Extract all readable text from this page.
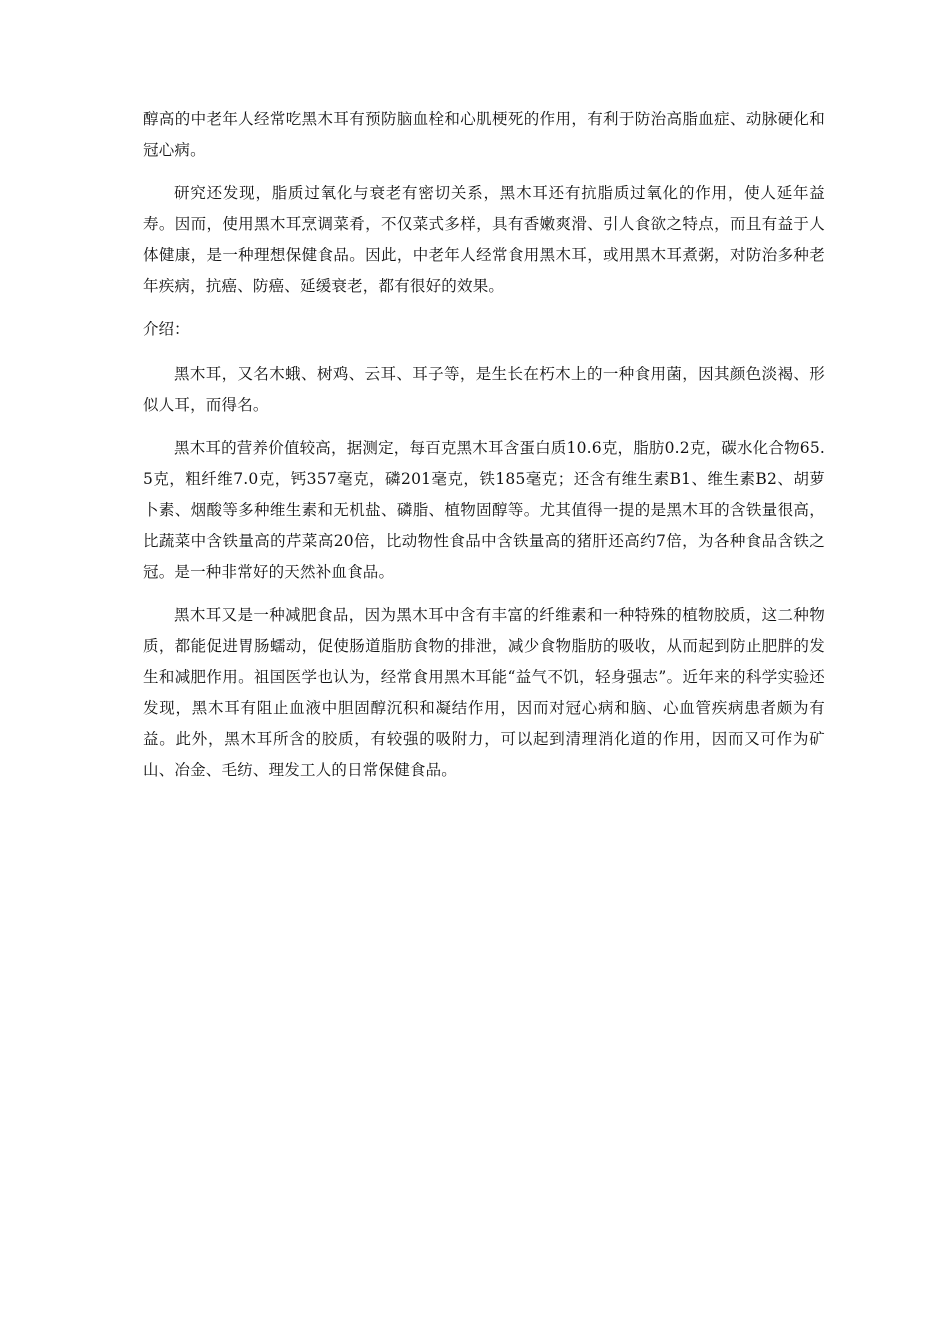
醇高的中老年人经常吃黑木耳有预防脑血栓和心肌梗死的作用，有利于防治高脂血症、动脉硬化和冠心病。

研究还发现，脂质过氧化与衰老有密切关系，黑木耳还有抗脂质过氧化的作用，使人延年益寿。因而，使用黑木耳烹调菜肴，不仅菜式多样，具有香嫩爽滑、引人食欲之特点，而且有益于人体健康，是一种理想保健食品。因此，中老年人经常食用黑木耳，或用黑木耳煮粥，对防治多种老年疾病，抗癌、防癌、延缓衰老，都有很好的效果。

介绍：

黑木耳，又名木蛾、树鸡、云耳、耳子等，是生长在朽木上的一种食用菌，因其颜色淡褐、形似人耳，而得名。

黑木耳的营养价值较高，据测定，每百克黑木耳含蛋白质10.6克，脂肪0.2克，碳水化合物65.5克，粗纤维7.0克，钙357毫克，磷201毫克，铁185毫克；还含有维生素B1、维生素B2、胡萝卜素、烟酸等多种维生素和无机盐、磷脂、植物固醇等。尤其值得一提的是黑木耳的含铁量很高，比蔬菜中含铁量高的芹菜高20倍，比动物性食品中含铁量高的猪肝还高约7倍，为各种食品含铁之冠。是一种非常好的天然补血食品。

黑木耳又是一种减肥食品，因为黑木耳中含有丰富的纤维素和一种特殊的植物胶质，这二种物质，都能促进胃肠蠕动，促使肠道脂肪食物的排泄，减少食物脂肪的吸收，从而起到防止肥胖的发生和减肥作用。祖国医学也认为，经常食用黑木耳能“益气不饥，轻身强志”。近年来的科学实验还发现，黑木耳有阻止血液中胆固醇沉积和凝结作用，因而对冠心病和脑、心血管疾病患者颇为有益。此外，黑木耳所含的胶质，有较强的吸附力，可以起到清理消化道的作用，因而又可作为矿山、冶金、毛纺、理发工人的日常保健食品。
